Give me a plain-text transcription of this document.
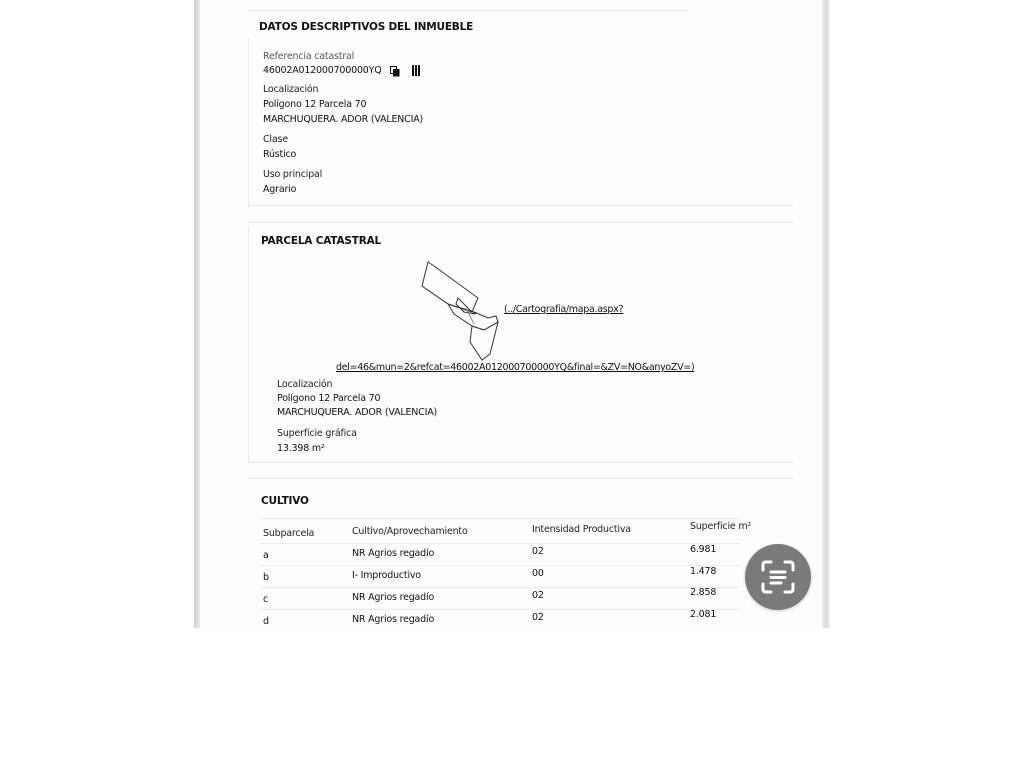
DATOS DESCRIPTIVOS DEL INMUEBLE
Referencia catastral
46002A012000700000YQ
Localización
Polígono 12 Parcela 70
MARCHUQUERA. ADOR (VALENCIA)
Clase
Rústico
Uso principal
Agrario
PARCELA CATASTRAL
(../Cartografia/mapa.aspx?
del=46&mun=2&refcat=46002A012000700000YQ&final=&ZV=NO&anyoZV=)
Localización
Polígono 12 Parcela 70
MARCHUQUERA. ADOR (VALENCIA)
Superficie gráfica
13.398 m²
CULTIVO
Subparcela	Cultivo/Aprovechamiento	Intensidad Productiva	Superficie m²
a	NR Agrios regadío	02	6.981
b	I- Improductivo	00	1.478
c	NR Agrios regadío	02	2.858
d	NR Agrios regadío	02	2.081
